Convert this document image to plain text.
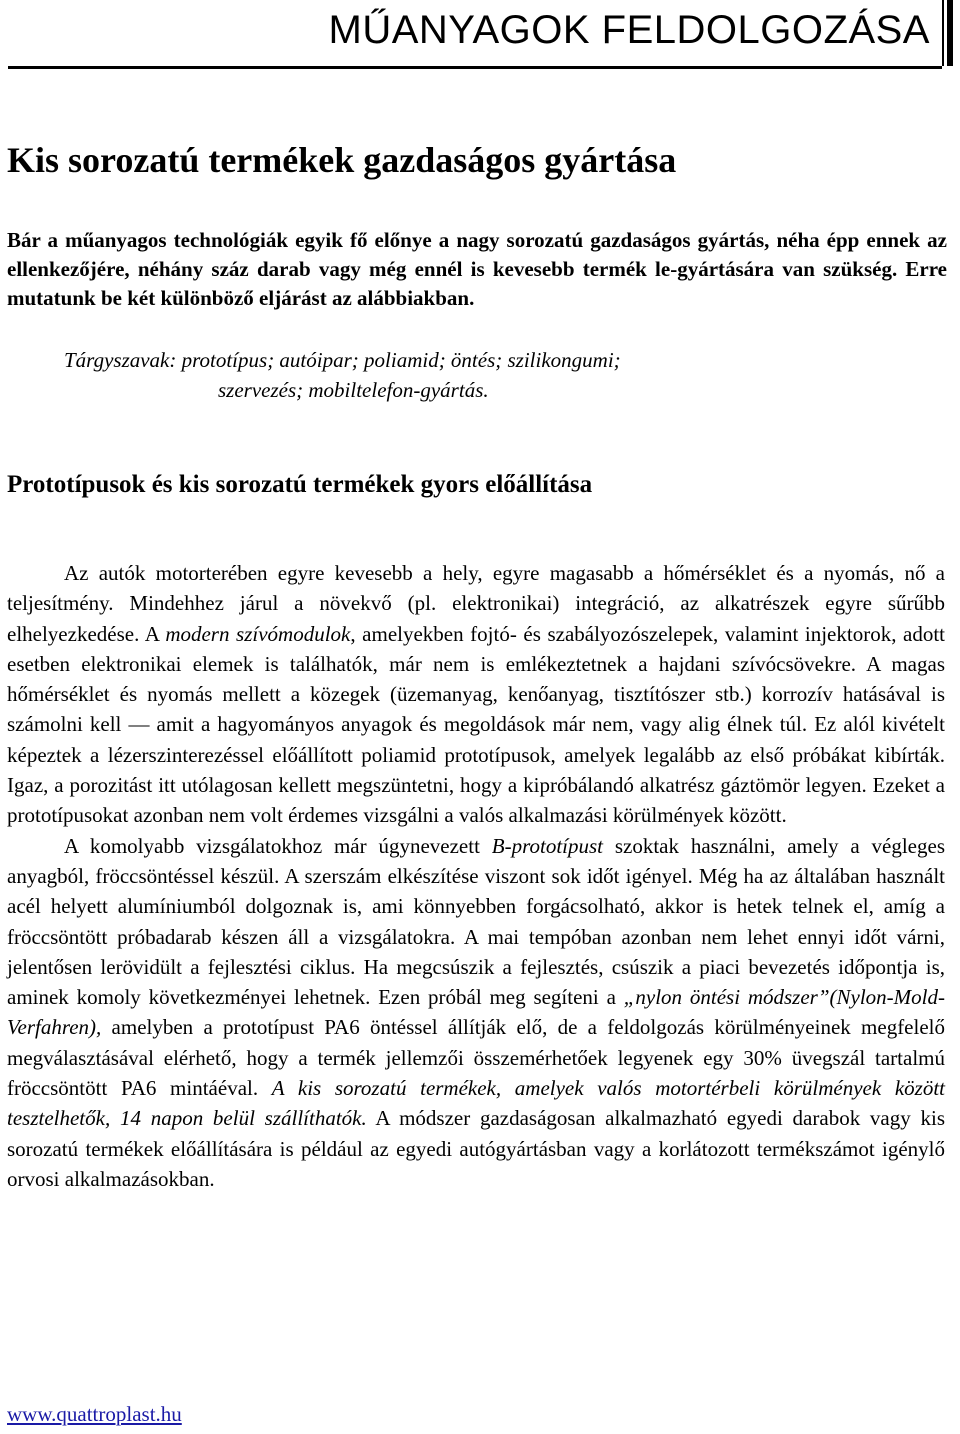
MŰANYAGOK FELDOLGOZÁSA
Kis sorozatú termékek gazdaságos gyártása

Bár a műanyagos technológiák egyik fő előnye a nagy sorozatú gazdaságos gyártás, néha épp ennek az ellenkezőjére, néhány száz darab vagy még ennél is kevesebb termék le-gyártására van szükség. Erre mutatunk be két különböző eljárást az alábbiakban.

Tárgyszavak: prototípus; autóipar; poliamid; öntés; szilikongumi;
szervezés; mobiltelefon-gyártás.

Prototípusok és kis sorozatú termékek gyors előállítása

Az autók motorterében egyre kevesebb a hely, egyre magasabb a hőmérséklet és a nyomás, nő a teljesítmény. Mindehhez járul a növekvő (pl. elektronikai) integráció, az alkatrészek egyre sűrűbb elhelyezkedése. A modern szívómodulok, amelyekben fojtó- és szabályozószelepek, valamint injektorok, adott esetben elektronikai elemek is találhatók, már nem is emlékeztetnek a hajdani szívócsövekre. A magas hőmérséklet és nyomás mellett a közegek (üzemanyag, kenőanyag, tisztítószer stb.) korrozív hatásával is számolni kell — amit a hagyományos anyagok és megoldások már nem, vagy alig élnek túl. Ez alól kivételt képeztek a lézerszinterezéssel előállított poliamid prototípusok, amelyek legalább az első próbákat kibírták. Igaz, a porozitást itt utólagosan kellett megszüntetni, hogy a kipróbálandó alkatrész gáztömör legyen. Ezeket a prototípusokat azonban nem volt érdemes vizsgálni a valós alkalmazási körülmények között.

A komolyabb vizsgálatokhoz már úgynevezett B-prototípust szoktak használni, amely a végleges anyagból, fröccsöntéssel készül. A szerszám elkészítése viszont sok időt igényel. Még ha az általában használt acél helyett alumíniumból dolgoznak is, ami könnyebben forgácsolható, akkor is hetek telnek el, amíg a fröccsöntött próbadarab készen áll a vizsgálatokra. A mai tempóban azonban nem lehet ennyi időt várni, jelentősen lerövidült a fejlesztési ciklus. Ha megcsúszik a fejlesztés, csúszik a piaci bevezetés időpontja is, aminek komoly következményei lehetnek. Ezen próbál meg segíteni a „nylon öntési módszer”(Nylon-Mold-Verfahren), amelyben a prototípust PA6 öntéssel állítják elő, de a feldolgozás körülményeinek megfelelő megválasztásával elérhető, hogy a termék jellemzői összemérhetőek legyenek egy 30% üvegszál tartalmú fröccsöntött PA6 mintáéval. A kis sorozatú termékek, amelyek valós motortérbeli körülmények között tesztelhetők, 14 napon belül szállíthatók. A módszer gazdaságosan alkalmazható egyedi darabok vagy kis sorozatú termékek előállítására is például az egyedi autógyártásban vagy a korlátozott termékszámot igénylő orvosi alkalmazásokban.

www.quattroplast.hu
